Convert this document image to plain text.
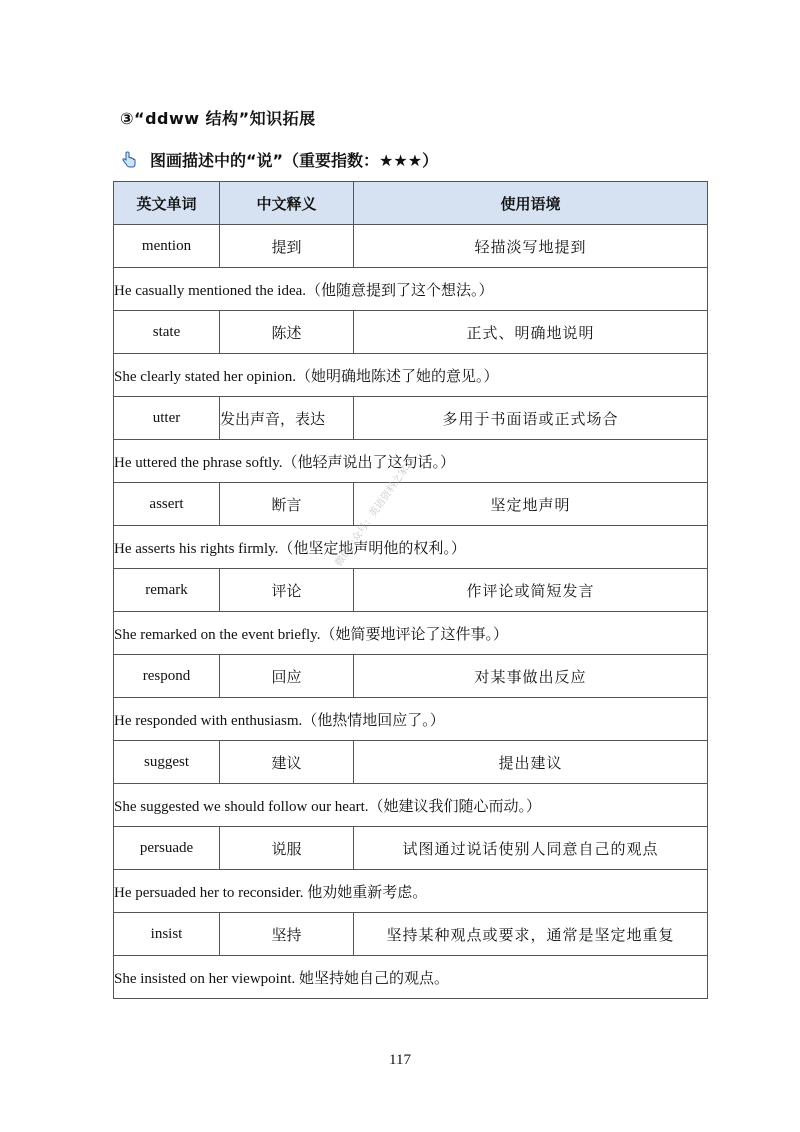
③“ddww 结构”知识拓展
图画描述中的“说”（重要指数：★★★）
英文单词	中文释义	使用语境
mention	提到	轻描淡写地提到
He casually mentioned the idea.（他随意提到了这个想法。）		
state	陈述	正式、明确地说明
She clearly stated her opinion.（她明确地陈述了她的意见。）		
utter	发出声音，表达	多用于书面语或正式场合
He uttered the phrase softly.（他轻声说出了这句话。）		
assert	断言	坚定地声明
He asserts his rights firmly.（他坚定地声明他的权利。）		
remark	评论	作评论或简短发言
She remarked on the event briefly.（她简要地评论了这件事。）		
respond	回应	对某事做出反应
He responded with enthusiasm.（他热情地回应了。）		
suggest	建议	提出建议
She suggested we should follow our heart.（她建议我们随心而动。）		
persuade	说服	试图通过说话使别人同意自己的观点
He persuaded her to reconsider. 他劝她重新考虑。		
insist	坚持	坚持某种观点或要求，通常是坚定地重复
She insisted on her viewpoint. 她坚持她自己的观点。		
微信公众号：英语资料之家zs
117
